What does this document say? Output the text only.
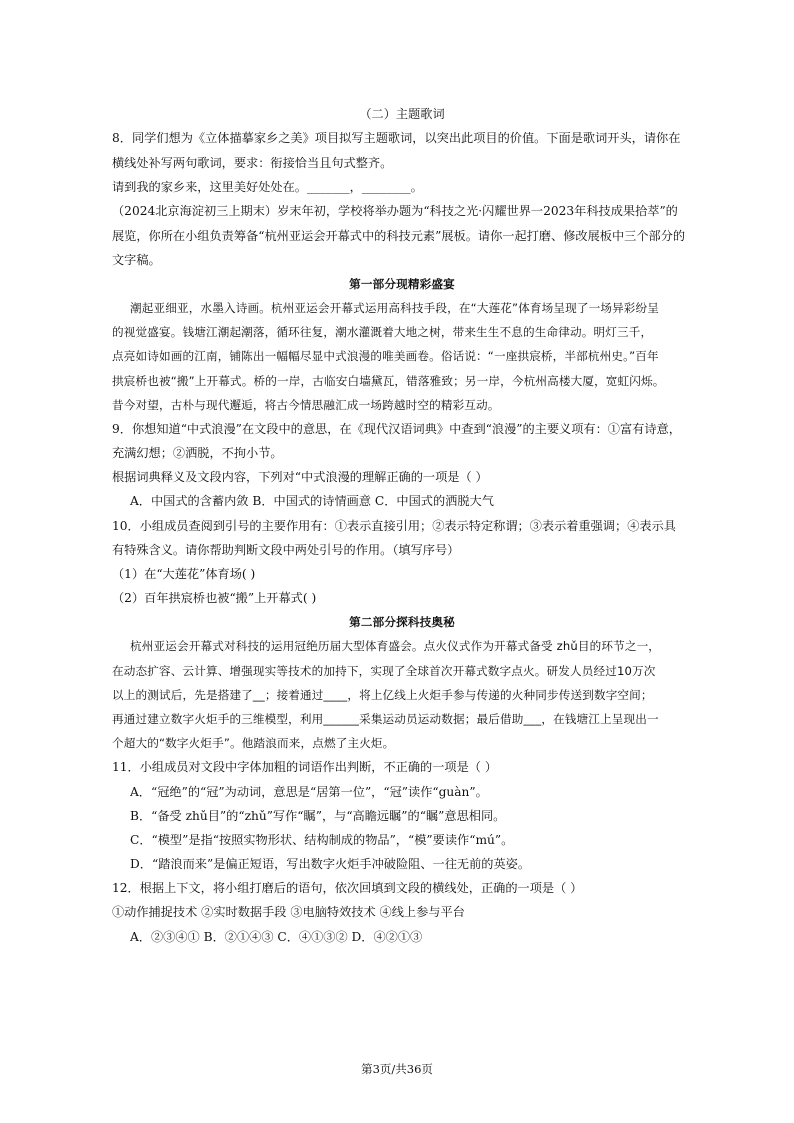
（二）主题歌词
8．同学们想为《立体描摹家乡之美》项目拟写主题歌词，以突出此项目的价值。下面是歌词开头，请你在
横线处补写两句歌词，要求：衔接恰当且句式整齐。
请到我的家乡来，这里美好处处在。_______，________。
（2024北京海淀初三上期末）岁末年初，学校将举办题为“科技之光·闪耀世界一2023年科技成果拾萃”的
展览，你所在小组负责筹备“杭州亚运会开幕式中的科技元素”展板。请你一起打磨、修改展板中三个部分的
文字稿。
第一部分现精彩盛宴
潮起亚细亚，水墨入诗画。杭州亚运会开幕式运用高科技手段，在“大莲花”体育场呈现了一场异彩纷呈
的视觉盛宴。钱塘江潮起潮落，循环往复，潮水灌溉着大地之树，带来生生不息的生命律动。明灯三千，
点亮如诗如画的江南，铺陈出一幅幅尽显中式浪漫的唯美画卷。俗话说：“一座拱宸桥，半部杭州史。”百年
拱宸桥也被“搬”上开幕式。桥的一岸，古临安白墙黛瓦，错落雅致；另一岸，今杭州高楼大厦，宽虹闪烁。
昔今对望，古朴与现代邂逅，将古今情思融汇成一场跨越时空的精彩互动。
9．你想知道“中式浪漫”在文段中的意思，在《现代汉语词典》中查到“浪漫”的主要义项有：①富有诗意，
充满幻想；②洒脱，不拘小节。
根据词典释义及文段内容，下列对“中式浪漫的理解正确的一项是（ ）
A．中国式的含蓄内敛 B．中国式的诗情画意 C．中国式的洒脱大气
10．小组成员查阅到引号的主要作用有：①表示直接引用；②表示特定称谓；③表示着重强调；④表示具
有特殊含义。请你帮助判断文段中两处引号的作用。（填写序号）
（1）在“大莲花”体育场( )
（2）百年拱宸桥也被“搬”上开幕式( )
第二部分探科技奥秘
杭州亚运会开幕式对科技的运用冠绝历届大型体育盛会。点火仪式作为开幕式备受 zhǔ目的环节之一，
在动态扩容、云计算、增强现实等技术的加持下，实现了全球首次开幕式数字点火。研发人员经过10万次
以上的测试后，先是搭建了__；接着通过____，将上亿线上火炬手参与传递的火种同步传送到数字空间；
再通过建立数字火炬手的三维模型，利用______采集运动员运动数据；最后借助___，在钱塘江上呈现出一
个超大的“数字火炬手”。他踏浪而来，点燃了主火炬。
11．小组成员对文段中字体加粗的词语作出判断，不正确的一项是（ ）
A．“冠绝”的“冠”为动词，意思是“居第一位”，“冠”读作“guàn”。
B．“备受 zhǔ目”的“zhǔ”写作“瞩”，与“高瞻远瞩”的“瞩”意思相同。
C．“模型”是指“按照实物形状、结构制成的物品”，“模”要读作“mú”。
D．“踏浪而来”是偏正短语，写出数字火炬手冲破险阻、一往无前的英姿。
12．根据上下文，将小组打磨后的语句，依次回填到文段的横线处，正确的一项是（ ）
①动作捕捉技术 ②实时数据手段 ③电脑特效技术 ④线上参与平台
A．②③④① B．②①④③ C．④①③② D．④②①③
第3页/共36页
